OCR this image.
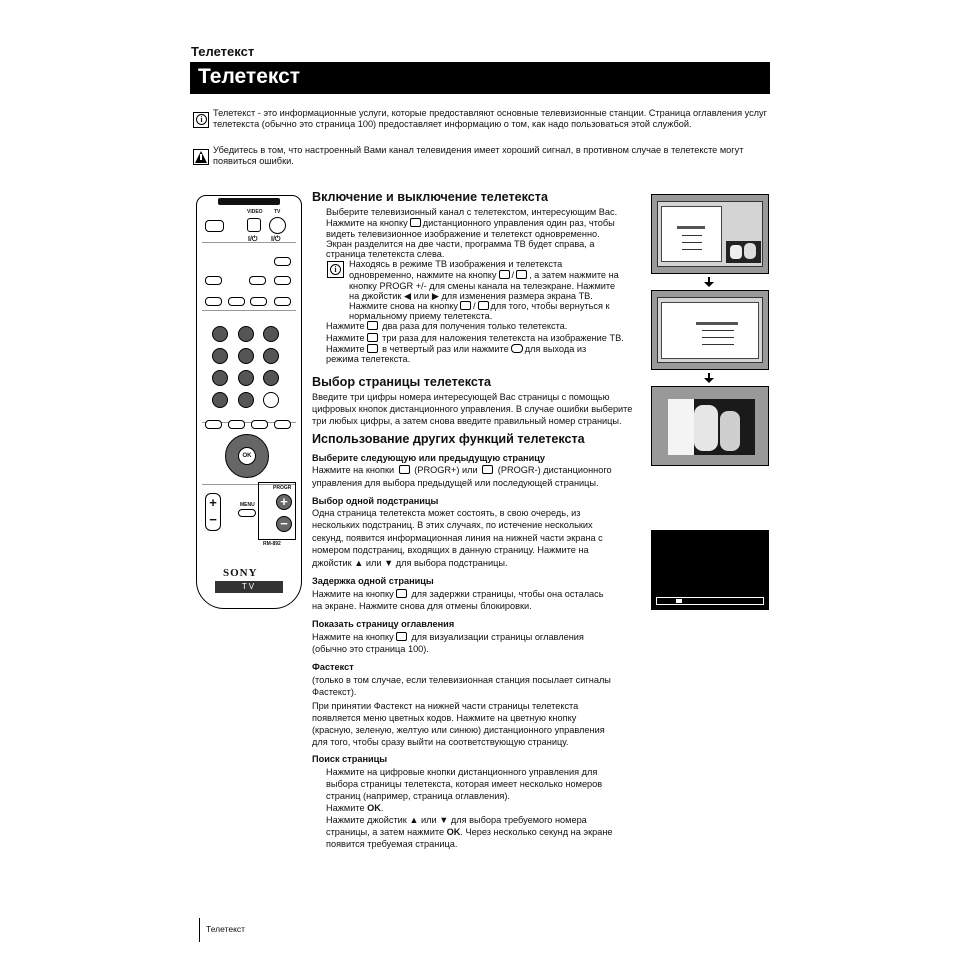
Телетекст
Телетекст
i
Телетекст - это информационные услуги, которые предоставляют основные телевизионные станции. Страница оглавления услуг телетекста (обычно это страница 100) предоставляет информацию о том, как надо пользоваться этой службой.
Убедитесь в том, что настроенный Вами канал телевидения имеет хороший сигнал, в противном случае в телетексте могут появиться ошибки.
VIDEO TV
I/⏻ I/⏻
OK
+
−
MENU
PROGR
+
−
RM-892
SONY
TV
Включение и выключение телетекста
Выберите телевизионный канал с телетекстом, интересующим Вас.
Нажмите на кнопку дистанционного управления один раз, чтобы
видеть телевизионное изображение и телетекст одновременно.
Экран разделится на две части, программа ТВ будет справа, а
страница телетекста слева.
i
Находясь в режиме ТВ изображения и телетекста
одновременно, нажмите на кнопку / , а затем нажмите на
кнопку PROGR +/- для смены канала на телеэкране. Нажмите
на джойстик ◀ или ▶ для изменения размера экрана ТВ.
Нажмите снова на кнопку / для того, чтобы вернуться к
нормальному приему телетекста.
Нажмите два раза для получения только телетекста.
Нажмите три раза для наложения телетекста на изображение ТВ.
Нажмите в четвертый раз или нажмите для выхода из
режима телетекста.
Выбор страницы телетекста
Введите три цифры номера интересующей Вас страницы с помощью
цифровых кнопок дистанционного управления. В случае ошибки выберите
три любых цифры, а затем снова введите правильный номер страницы.
Использование других функций телетекста
Выберите следующую или предыдущую страницу
Нажмите на кнопки (PROGR+) или (PROGR-) дистанционного
управления для выбора предыдущей или последующей страницы.
Выбор одной подстраницы
Одна страница телетекста может состоять, в свою очередь, из
нескольких подстраниц. В этих случаях, по истечение нескольких
секунд, появится информационная линия на нижней части экрана с
номером подстраниц, входящих в данную страницу. Нажмите на
джойстик ▲ или ▼ для выбора подстраницы.
Задержка одной страницы
Нажмите на кнопку для задержки страницы, чтобы она осталась
на экране. Нажмите снова для отмены блокировки.
Показать страницу оглавления
Нажмите на кнопку для визуализации страницы оглавления
(обычно это страница 100).
Фастекст
(только в том случае, если телевизионная станция посылает сигналы
Фастекст).
При принятии Фастекст на нижней части страницы телетекста
появляется меню цветных кодов. Нажмите на цветную кнопку
(красную, зеленую, желтую или синюю) дистанционного управления
для того, чтобы сразу выйти на соответствующую страницу.
Поиск страницы
Нажмите на цифровые кнопки дистанционного управления для
выбора страницы телетекста, которая имеет несколько номеров
страниц (например, страница оглавления).
Нажмите OK.
Нажмите джойстик ▲ или ▼ для выбора требуемого номера
страницы, а затем нажмите OK. Через несколько секунд на экране
появится требуемая страница.
Телетекст
